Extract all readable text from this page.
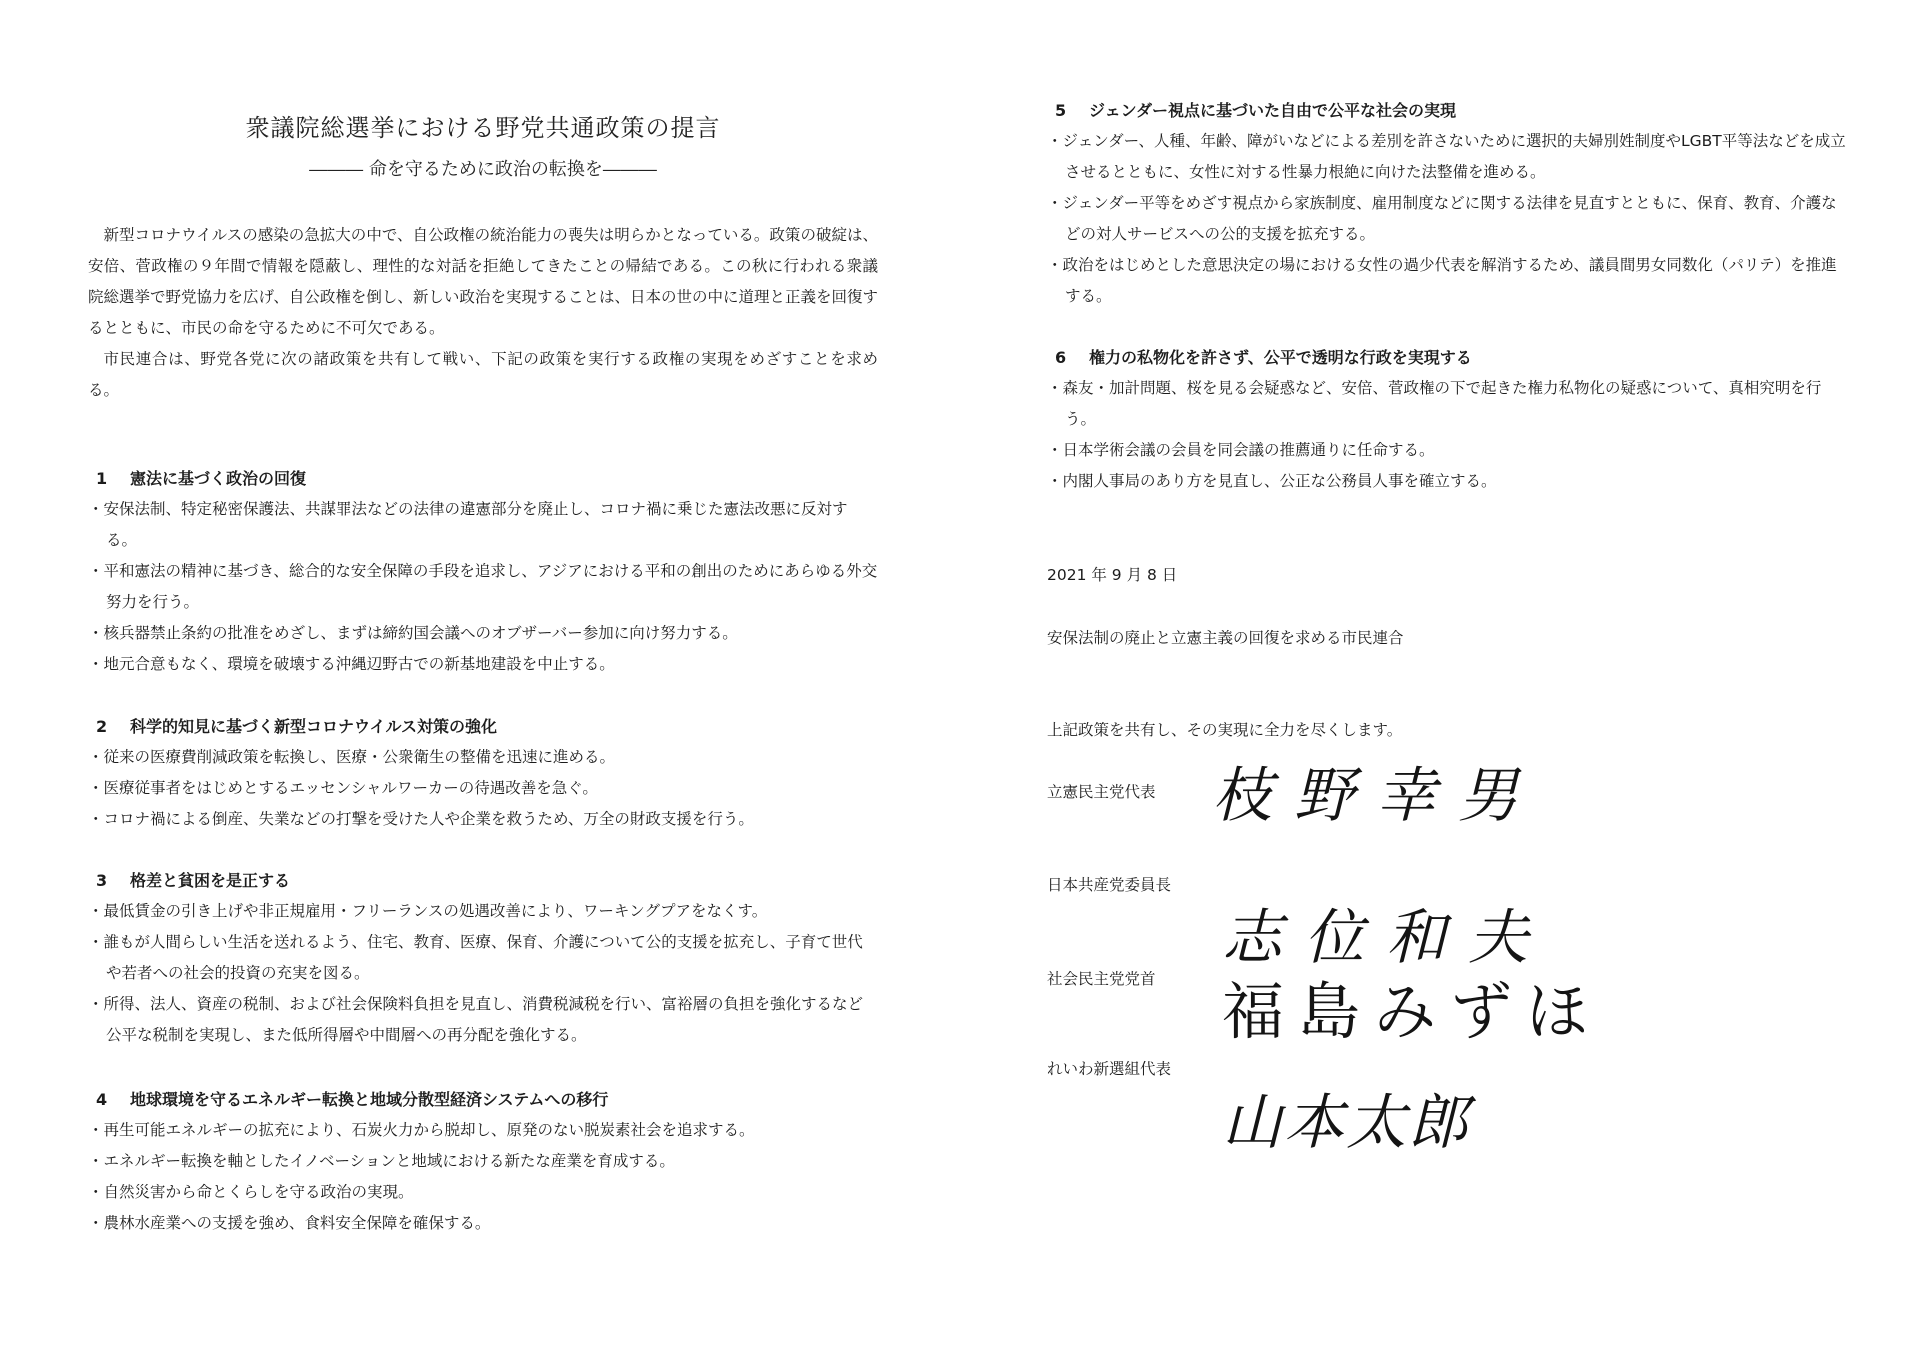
衆議院総選挙における野党共通政策の提言
――― 命を守るために政治の転換を―――

新型コロナウイルスの感染の急拡大の中で、自公政権の統治能力の喪失は明らかとなっている。政策の破綻は、安倍、菅政権の９年間で情報を隠蔽し、理性的な対話を拒絶してきたことの帰結である。この秋に行われる衆議院総選挙で野党協力を広げ、自公政権を倒し、新しい政治を実現することは、日本の世の中に道理と正義を回復するとともに、市民の命を守るために不可欠である。

市民連合は、野党各党に次の諸政策を共有して戦い、下記の政策を実行する政権の実現をめざすことを求める。

1 憲法に基づく政治の回復
・安保法制、特定秘密保護法、共謀罪法などの法律の違憲部分を廃止し、コロナ禍に乗じた憲法改悪に反対する。
・平和憲法の精神に基づき、総合的な安全保障の手段を追求し、アジアにおける平和の創出のためにあらゆる外交努力を行う。
・核兵器禁止条約の批准をめざし、まずは締約国会議へのオブザーバー参加に向け努力する。
・地元合意もなく、環境を破壊する沖縄辺野古での新基地建設を中止する。
2 科学的知見に基づく新型コロナウイルス対策の強化
・従来の医療費削減政策を転換し、医療・公衆衛生の整備を迅速に進める。
・医療従事者をはじめとするエッセンシャルワーカーの待遇改善を急ぐ。
・コロナ禍による倒産、失業などの打撃を受けた人や企業を救うため、万全の財政支援を行う。
3 格差と貧困を是正する
・最低賃金の引き上げや非正規雇用・フリーランスの処遇改善により、ワーキングプアをなくす。
・誰もが人間らしい生活を送れるよう、住宅、教育、医療、保育、介護について公的支援を拡充し、子育て世代や若者への社会的投資の充実を図る。
・所得、法人、資産の税制、および社会保険料負担を見直し、消費税減税を行い、富裕層の負担を強化するなど公平な税制を実現し、また低所得層や中間層への再分配を強化する。
4 地球環境を守るエネルギー転換と地域分散型経済システムへの移行
・再生可能エネルギーの拡充により、石炭火力から脱却し、原発のない脱炭素社会を追求する。
・エネルギー転換を軸としたイノベーションと地域における新たな産業を育成する。
・自然災害から命とくらしを守る政治の実現。
・農林水産業への支援を強め、食料安全保障を確保する。
5 ジェンダー視点に基づいた自由で公平な社会の実現
・ジェンダー、人種、年齢、障がいなどによる差別を許さないために選択的夫婦別姓制度やLGBT平等法などを成立させるとともに、女性に対する性暴力根絶に向けた法整備を進める。
・ジェンダー平等をめざす視点から家族制度、雇用制度などに関する法律を見直すとともに、保育、教育、介護などの対人サービスへの公的支援を拡充する。
・政治をはじめとした意思決定の場における女性の過少代表を解消するため、議員間男女同数化（パリテ）を推進する。
6 権力の私物化を許さず、公平で透明な行政を実現する
・森友・加計問題、桜を見る会疑惑など、安倍、菅政権の下で起きた権力私物化の疑惑について、真相究明を行う。
・日本学術会議の会員を同会議の推薦通りに任命する。
・内閣人事局のあり方を見直し、公正な公務員人事を確立する。
2021 年 9 月 8 日
安保法制の廃止と立憲主義の回復を求める市民連合
上記政策を共有し、その実現に全力を尽くします。
立憲民主党代表 枝野幸男
日本共産党委員長
志位和夫
社会民主党党首 福島みずほ
れいわ新選組代表
山本太郎
